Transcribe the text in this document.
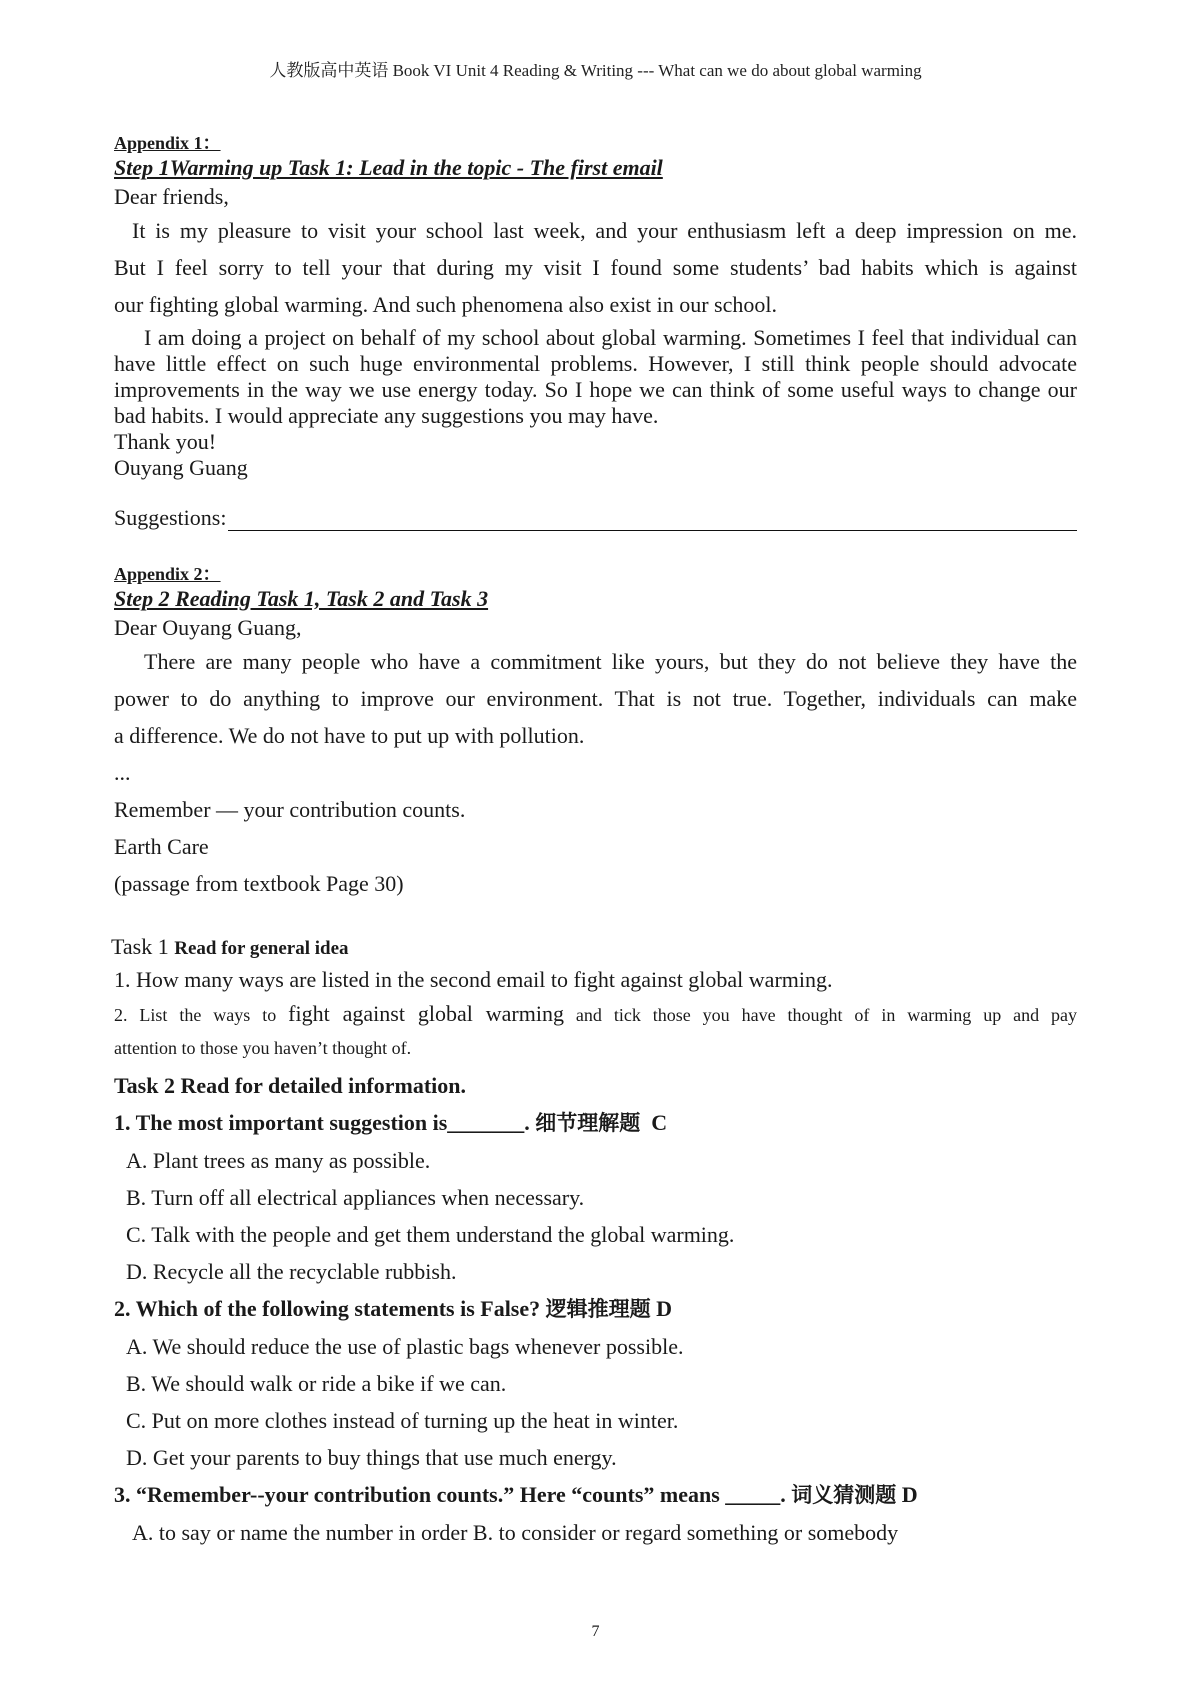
人教版高中英语 Book VI Unit 4 Reading & Writing --- What can we do about global warming

Appendix 1：

Step 1Warming up Task 1: Lead in the topic - The first email

Dear friends,

It is my pleasure to visit your school last week, and your enthusiasm left a deep impression on me.

But I feel sorry to tell your that during my visit I found some students’ bad habits which is against

our fighting global warming. And such phenomena also exist in our school.

I am doing a project on behalf of my school about global warming. Sometimes I feel that individual can have little effect on such huge environmental problems. However, I still think people should advocate improvements in the way we use energy today. So I hope we can think of some useful ways to change our bad habits. I would appreciate any suggestions you may have.

Thank you!

Ouyang Guang

Suggestions:

Appendix 2：

Step 2 Reading Task 1, Task 2 and Task 3

Dear Ouyang Guang,

There are many people who have a commitment like yours, but they do not believe they have the

power to do anything to improve our environment. That is not true. Together, individuals can make

a difference. We do not have to put up with pollution.

...

Remember — your contribution counts.

Earth Care

(passage from textbook Page 30)

Task 1 Read for general idea

1. How many ways are listed in the second email to fight against global warming.

2. List the ways to fight against global warming and tick those you have thought of in warming up and pay

attention to those you haven’t thought of.

Task 2 Read for detailed information.

1. The most important suggestion is_______. 细节理解题 C

A. Plant trees as many as possible.

B. Turn off all electrical appliances when necessary.

C. Talk with the people and get them understand the global warming.

D. Recycle all the recyclable rubbish.

2. Which of the following statements is False? 逻辑推理题 D

A. We should reduce the use of plastic bags whenever possible.

B. We should walk or ride a bike if we can.

C. Put on more clothes instead of turning up the heat in winter.

D. Get your parents to buy things that use much energy.

3. “Remember--your contribution counts.” Here “counts” means _____. 词义猜测题 D

A. to say or name the number in order B. to consider or regard something or somebody

7
